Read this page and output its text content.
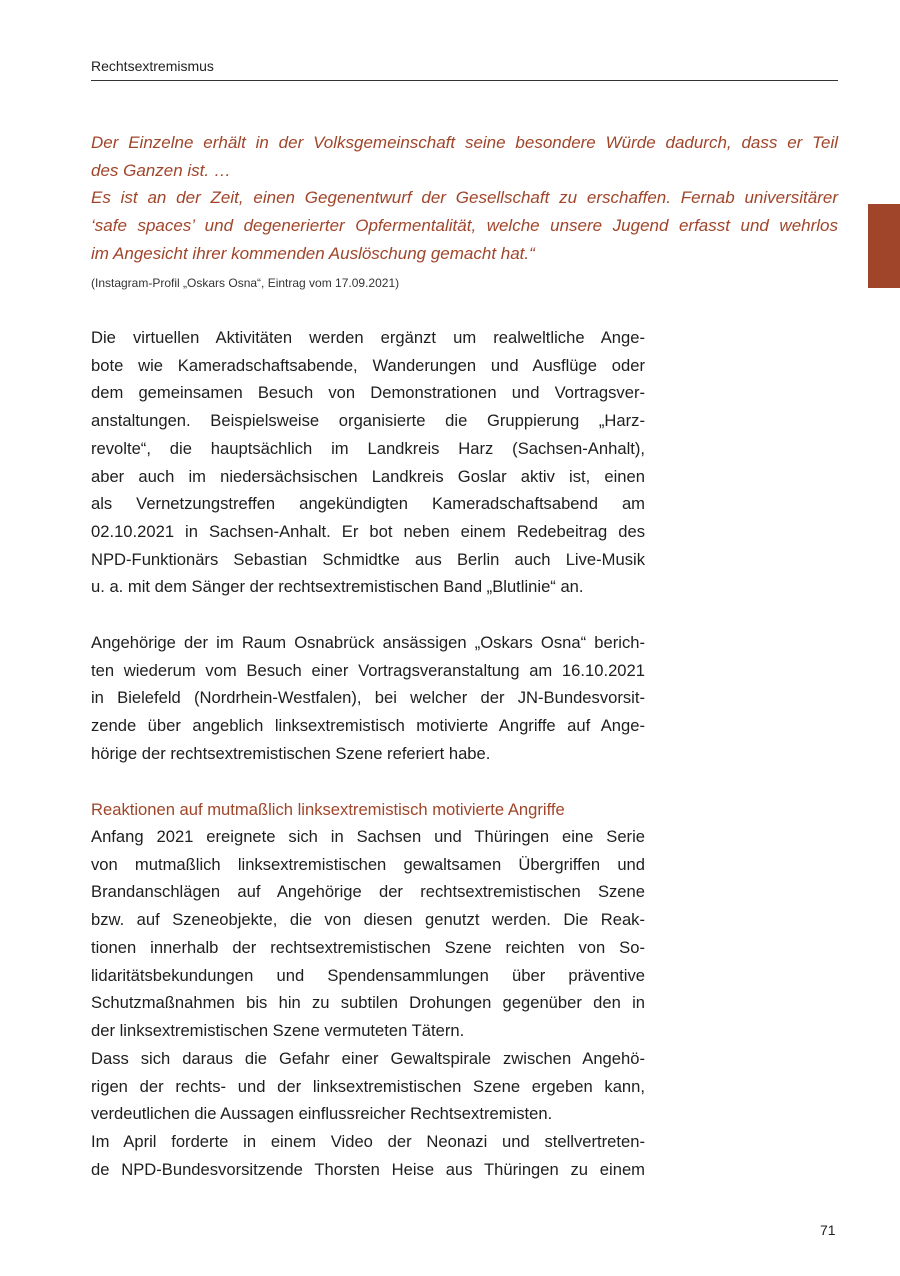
Rechtsextremismus
Der Einzelne erhält in der Volksgemeinschaft seine besondere Würde dadurch, dass er Teil
des Ganzen ist. …
Es ist an der Zeit, einen Gegenentwurf der Gesellschaft zu erschaffen. Fernab universitärer
‘safe spaces’ und degenerierter Opfermentalität, welche unsere Jugend erfasst und wehrlos
im Angesicht ihrer kommenden Auslöschung gemacht hat.“
(Instagram-Profil „Oskars Osna“, Eintrag vom 17.09.2021)
Die virtuellen Aktivitäten werden ergänzt um realweltliche Ange-
bote wie Kameradschaftsabende, Wanderungen und Ausflüge oder
dem gemeinsamen Besuch von Demonstrationen und Vortragsver-
anstaltungen. Beispielsweise organisierte die Gruppierung „Harz-
revolte“, die hauptsächlich im Landkreis Harz (Sachsen-Anhalt),
aber auch im niedersächsischen Landkreis Goslar aktiv ist, einen
als Vernetzungstreffen angekündigten Kameradschaftsabend am
02.10.2021 in Sachsen-Anhalt. Er bot neben einem Redebeitrag des
NPD-Funktionärs Sebastian Schmidtke aus Berlin auch Live-Musik
u. a. mit dem Sänger der rechtsextremistischen Band „Blutlinie“ an.
Angehörige der im Raum Osnabrück ansässigen „Oskars Osna“ berich-
ten wiederum vom Besuch einer Vortragsveranstaltung am 16.10.2021
in Bielefeld (Nordrhein-Westfalen), bei welcher der JN-Bundesvorsit-
zende über angeblich linksextremistisch motivierte Angriffe auf Ange-
hörige der rechtsextremistischen Szene referiert habe.
Reaktionen auf mutmaßlich linksextremistisch motivierte Angriffe
Anfang 2021 ereignete sich in Sachsen und Thüringen eine Serie
von mutmaßlich linksextremistischen gewaltsamen Übergriffen und
Brandanschlägen auf Angehörige der rechtsextremistischen Szene
bzw. auf Szeneobjekte, die von diesen genutzt werden. Die Reak-
tionen innerhalb der rechtsextremistischen Szene reichten von So-
lidaritätsbekundungen und Spendensammlungen über präventive
Schutzmaßnahmen bis hin zu subtilen Drohungen gegenüber den in
der linksextremistischen Szene vermuteten Tätern.
Dass sich daraus die Gefahr einer Gewaltspirale zwischen Angehö-
rigen der rechts- und der linksextremistischen Szene ergeben kann,
verdeutlichen die Aussagen einflussreicher Rechtsextremisten.
Im April forderte in einem Video der Neonazi und stellvertreten-
de NPD-Bundesvorsitzende Thorsten Heise aus Thüringen zu einem
71
